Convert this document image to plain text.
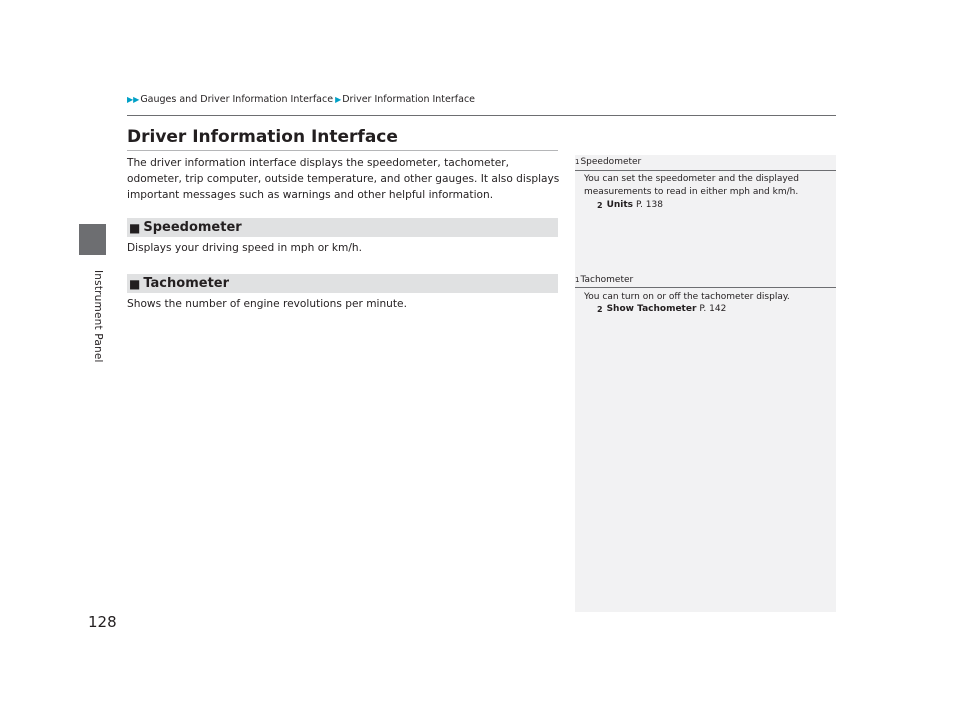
Instrument Panel
▶▶ Gauges and Driver Information Interface ▶ Driver Information Interface
Driver Information Interface

The driver information interface displays the speedometer, tachometer, odometer, trip computer, outside temperature, and other gauges. It also displays important messages such as warnings and other helpful information.

■ Speedometer

Displays your driving speed in mph or km/h.

■ Tachometer

Shows the number of engine revolutions per minute.

1 Speedometer

You can set the speedometer and the displayed measurements to read in either mph and km/h.

2 Units P. 138
1 Tachometer

You can turn on or off the tachometer display.

2 Show Tachometer P. 142
128
